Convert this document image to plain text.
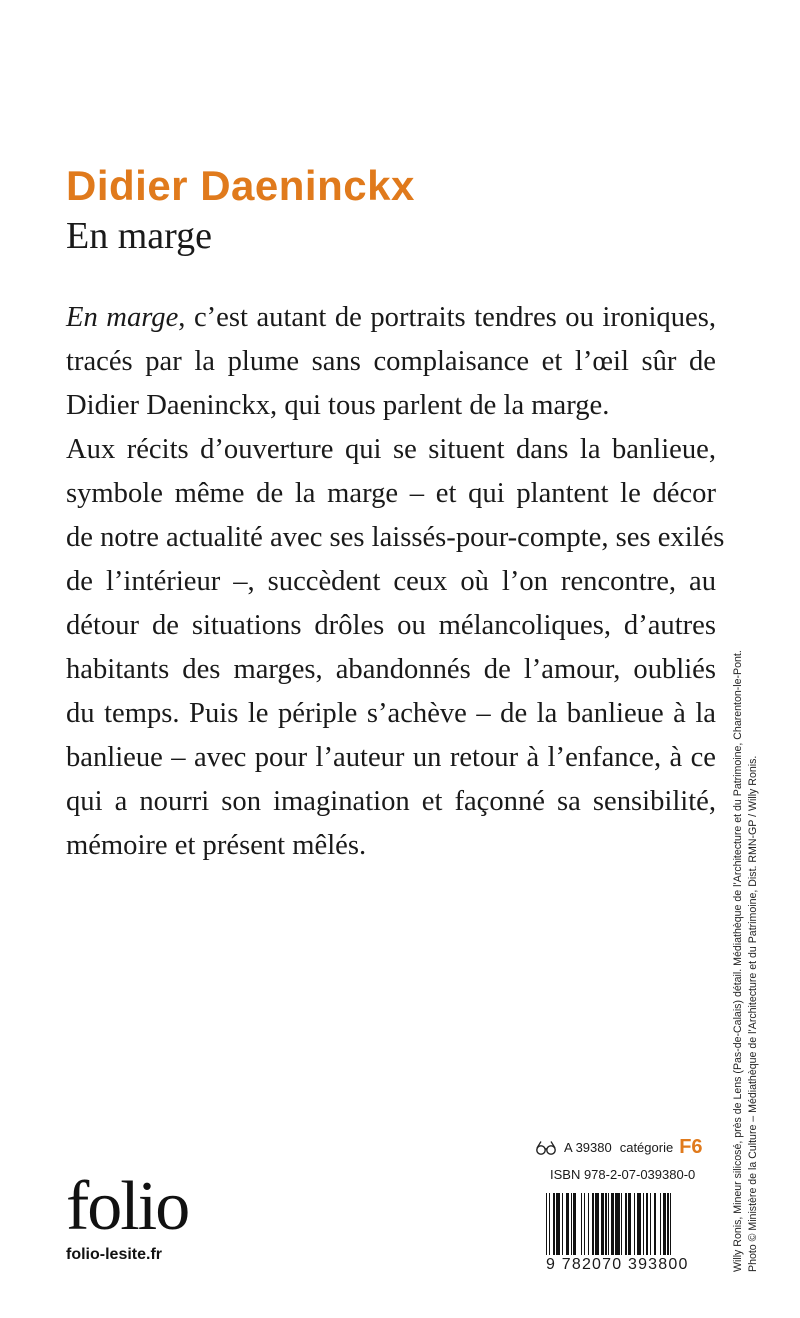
Didier Daeninckx
En marge
En marge, c’est autant de portraits tendres ou ironiques,
tracés par la plume sans complaisance et l’œil sûr de
Didier Daeninckx, qui tous parlent de la marge.
Aux récits d’ouverture qui se situent dans la banlieue,
symbole même de la marge – et qui plantent le décor
de notre actualité avec ses laissés-pour-compte, ses exilés
de l’intérieur –, succèdent ceux où l’on rencontre, au
détour de situations drôles ou mélancoliques, d’autres
habitants des marges, abandonnés de l’amour, oubliés
du temps. Puis le périple s’achève – de la banlieue à la
banlieue – avec pour l’auteur un retour à l’enfance, à ce
qui a nourri son imagination et façonné sa sensibilité,
mémoire et présent mêlés.	Willy Ronis, Mineur silicosé, près de Lens (Pas-de-Calais) détail. Médiathèque de l’Architecture et du Patrimoine, Charenton-le-Pont. Photo © Ministère de la Culture – Médiathèque de l’Architecture et du Patrimoine, Dist. RMN-GP / Willy Ronis.
A 39380 catégorie F6
ISBN 978-2-07-039380-0
9 782070 393800
folio
folio-lesite.fr
